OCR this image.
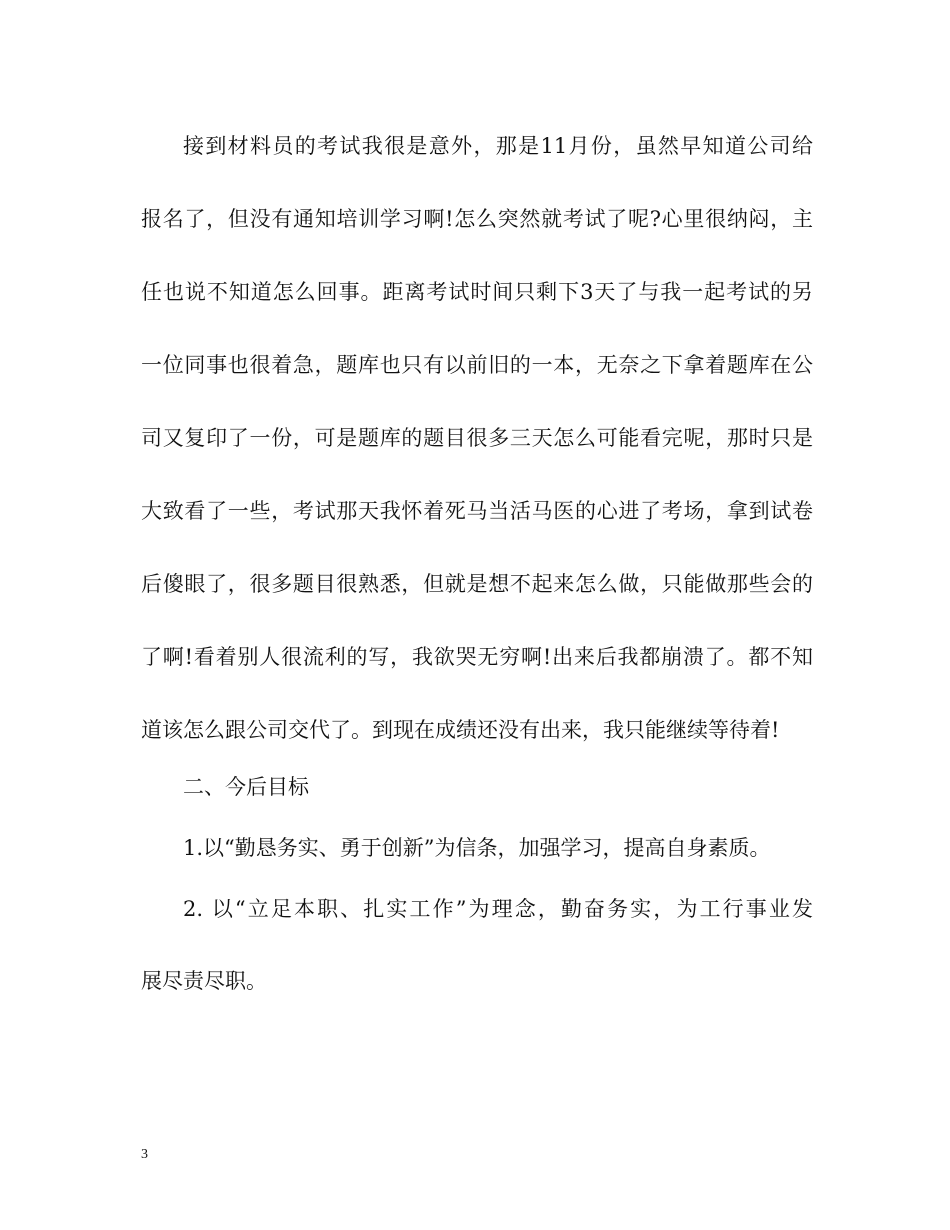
接到材料员的考试我很是意外，那是11月份，虽然早知道公司给
报名了，但没有通知培训学习啊!怎么突然就考试了呢?心里很纳闷，主
任也说不知道怎么回事。距离考试时间只剩下3天了与我一起考试的另
一位同事也很着急，题库也只有以前旧的一本，无奈之下拿着题库在公
司又复印了一份，可是题库的题目很多三天怎么可能看完呢，那时只是
大致看了一些，考试那天我怀着死马当活马医的心进了考场，拿到试卷
后傻眼了，很多题目很熟悉，但就是想不起来怎么做，只能做那些会的
了啊!看着别人很流利的写，我欲哭无穷啊!出来后我都崩溃了。都不知
道该怎么跟公司交代了。到现在成绩还没有出来，我只能继续等待着!
二、今后目标
1.以“勤恳务实、勇于创新”为信条，加强学习，提高自身素质。
2. 以“立足本职、扎实工作”为理念，勤奋务实，为工行事业发
展尽责尽职。
3
